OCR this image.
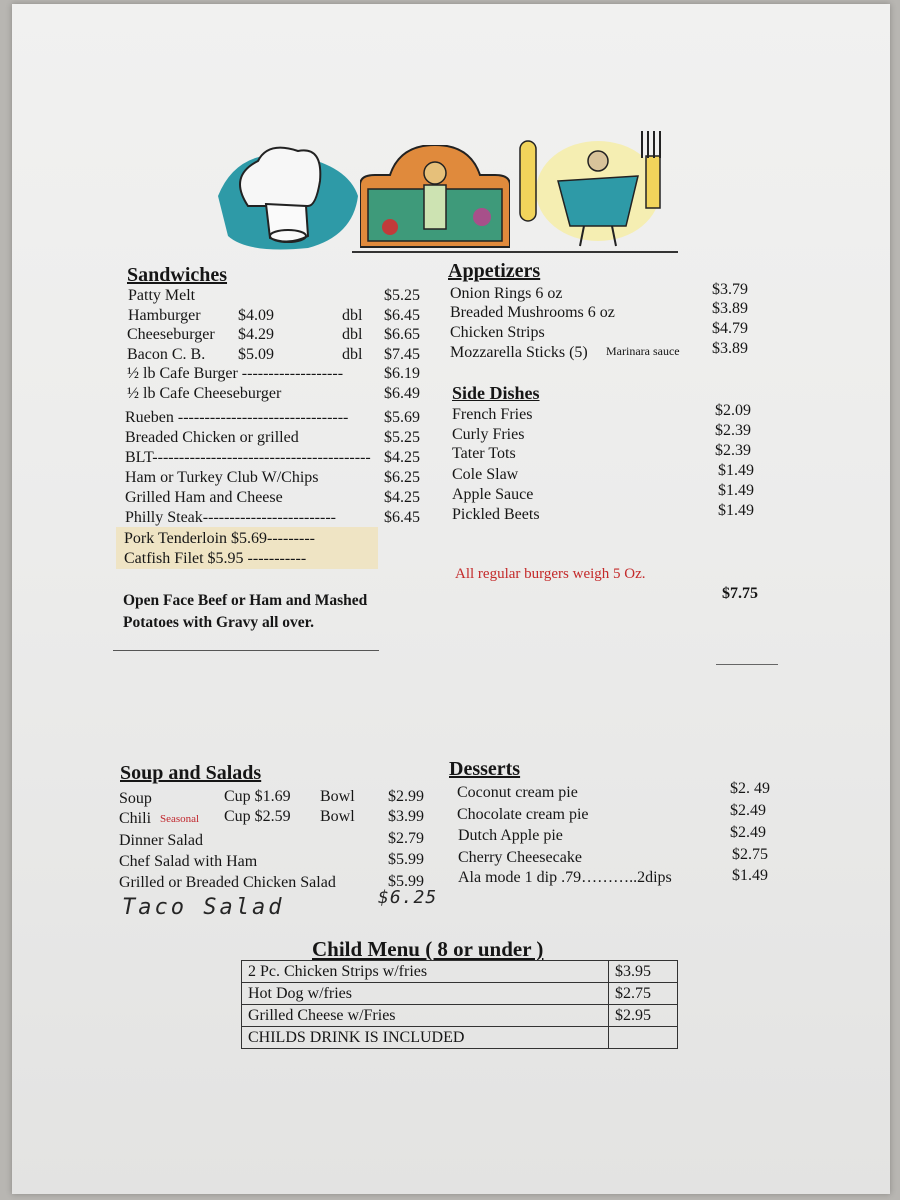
Sandwiches
Patty Melt	$5.25
Hamburger $4.09	dbl $6.45
Cheeseburger $4.29	dbl $6.65
Bacon C. B. $5.09	dbl $7.45
½ lb Cafe Burger -------------------	$6.19
½ lb Cafe Cheeseburger	$6.49
Rueben -------------------------------- $5.69
Breaded Chicken or grilled	$5.25
BLT----------------------------------------- $4.25
Ham or Turkey Club W/Chips	$6.25
Grilled Ham and Cheese	$4.25
Philly Steak-------------------------	$6.45
Pork Tenderloin $5.69---------
Catfish Filet $5.95 -----------
Open Face Beef or Ham and Mashed Potatoes with Gravy all over.
Appetizers
Onion Rings 6 oz	$3.79
Breaded Mushrooms 6 oz	$3.89
Chicken Strips	$4.79
Mozzarella Sticks (5) Marinara sauce $3.89
Side Dishes
French Fries	$2.09
Curly Fries	$2.39
Tater Tots	$2.39
Cole Slaw	$1.49
Apple Sauce	$1.49
Pickled Beets	$1.49
All regular burgers weigh 5 Oz.
$7.75
Soup and Salads
Soup	Cup $1.69 Bowl $2.99
Chili Seasonal Cup $2.59 Bowl $3.99
Dinner Salad	$2.79
Chef Salad with Ham	$5.99
Grilled or Breaded Chicken Salad	$5.99
Taco Salad	$6.25
Desserts
Coconut cream pie	$2. 49
Chocolate cream pie	$2.49
Dutch Apple pie	$2.49
Cherry Cheesecake	$2.75
Ala mode 1 dip .79………..2dips	$1.49
Child Menu ( 8 or under )
2 Pc. Chicken Strips w/fries	$3.95
Hot Dog w/fries	$2.75
Grilled Cheese w/Fries	$2.95
CHILDS DRINK IS INCLUDED	
